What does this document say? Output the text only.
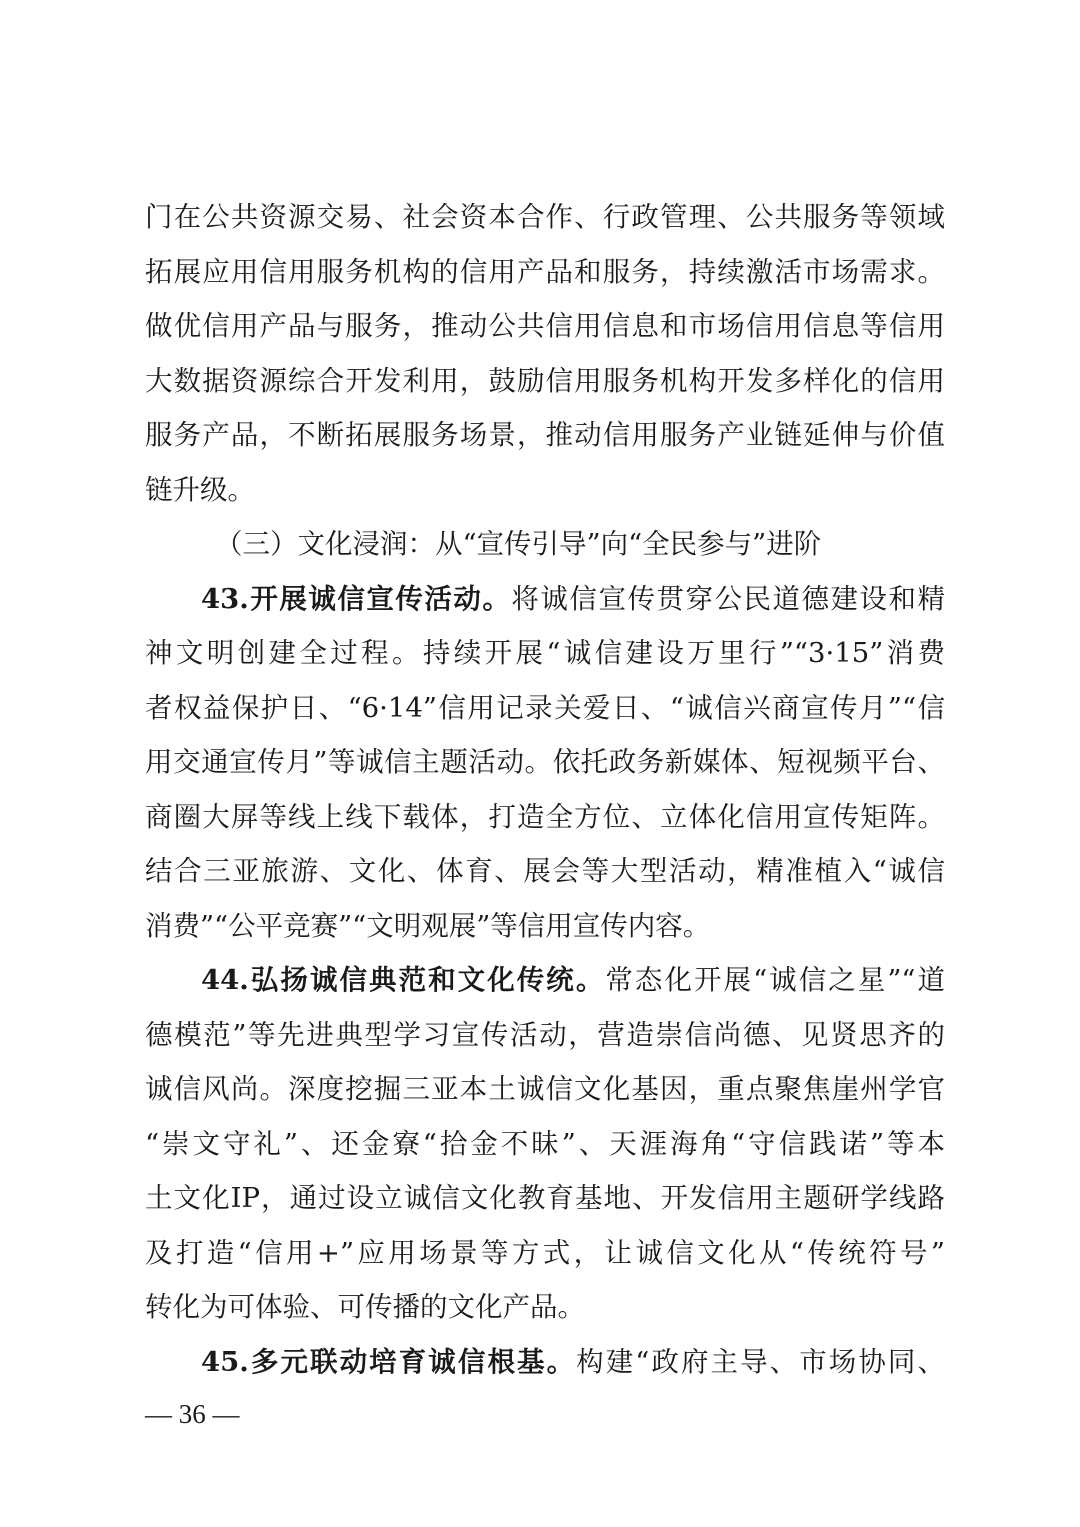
门在公共资源交易、社会资本合作、行政管理、公共服务等领域
拓展应用信用服务机构的信用产品和服务，持续激活市场需求。
做优信用产品与服务，推动公共信用信息和市场信用信息等信用
大数据资源综合开发利用，鼓励信用服务机构开发多样化的信用
服务产品，不断拓展服务场景，推动信用服务产业链延伸与价值
链升级。
（三）文化浸润：从“宣传引导”向“全民参与”进阶
43.开展诚信宣传活动。将诚信宣传贯穿公民道德建设和精
神文明创建全过程。持续开展“诚信建设万里行”“3·15”消费
者权益保护日、“6·14”信用记录关爱日、“诚信兴商宣传月”“信
用交通宣传月”等诚信主题活动。依托政务新媒体、短视频平台、
商圈大屏等线上线下载体，打造全方位、立体化信用宣传矩阵。
结合三亚旅游、文化、体育、展会等大型活动，精准植入“诚信
消费”“公平竞赛”“文明观展”等信用宣传内容。
44.弘扬诚信典范和文化传统。常态化开展“诚信之星”“道
德模范”等先进典型学习宣传活动，营造崇信尚德、见贤思齐的
诚信风尚。深度挖掘三亚本土诚信文化基因，重点聚焦崖州学官
“崇文守礼”、还金寮“拾金不昧”、天涯海角“守信践诺”等本
土文化IP，通过设立诚信文化教育基地、开发信用主题研学线路
及打造“信用+”应用场景等方式，让诚信文化从“传统符号”
转化为可体验、可传播的文化产品。
45.多元联动培育诚信根基。构建“政府主导、市场协同、
— 36 —
